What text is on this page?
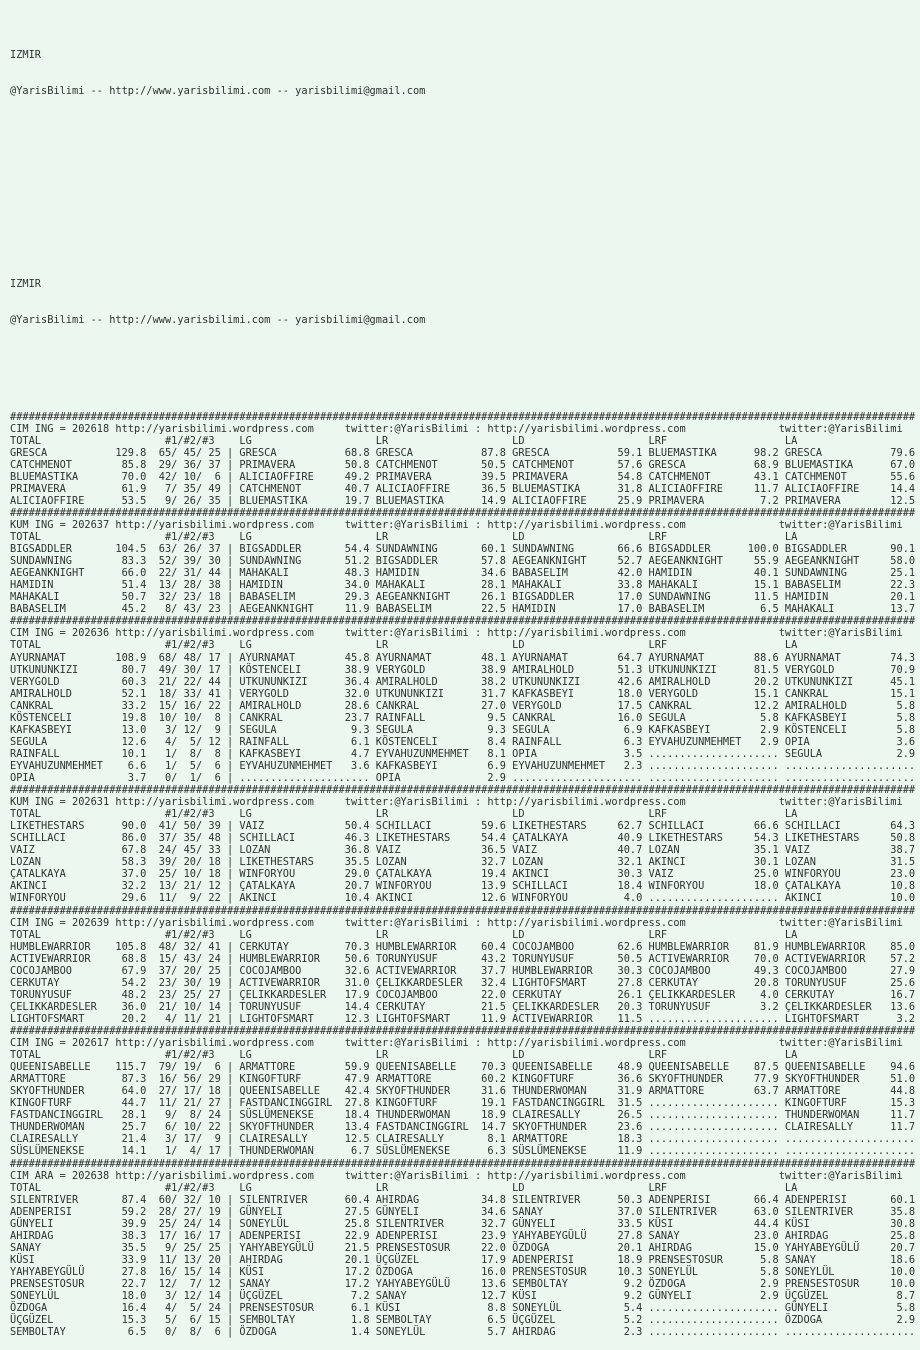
IZMIR

@YarisBilimi -- http://www.yarisbilimi.com -- yarisbilimi@gmail.com

IZMIR

@YarisBilimi -- http://www.yarisbilimi.com -- yarisbilimi@gmail.com

##################################################################################################################################################
CIM ING = 202618 http://yarisbilimi.wordpress.com     twitter:@YarisBilimi : http://yarisbilimi.wordpress.com               twitter:@YarisBilimi
TOTAL                    #1/#2/#3    LG                    LR                    LD                    LRF                   LA
GRESCA           129.8  65/ 45/ 25 | GRESCA           68.8 GRESCA           87.8 GRESCA           59.1 BLUEMASTIKA      98.2 GRESCA           79.6
CATCHMENOT        85.8  29/ 36/ 37 | PRIMAVERA        50.8 CATCHMENOT       50.5 CATCHMENOT       57.6 GRESCA           68.9 BLUEMASTIKA      67.0
BLUEMASTIKA       70.0  42/ 10/  6 | ALICIAOFFIRE     49.2 PRIMAVERA        39.5 PRIMAVERA        54.8 CATCHMENOT       43.1 CATCHMENOT       55.6
PRIMAVERA         61.9   7/ 35/ 49 | CATCHMENOT       40.7 ALICIAOFFIRE     36.5 BLUEMASTIKA      31.8 ALICIAOFFIRE     11.7 ALICIAOFFIRE     14.4
ALICIAOFFIRE      53.5   9/ 26/ 35 | BLUEMASTIKA      19.7 BLUEMASTIKA      14.9 ALICIAOFFIRE     25.9 PRIMAVERA         7.2 PRIMAVERA        12.5
##################################################################################################################################################
KUM ING = 202637 http://yarisbilimi.wordpress.com     twitter:@YarisBilimi : http://yarisbilimi.wordpress.com               twitter:@YarisBilimi
TOTAL                    #1/#2/#3    LG                    LR                    LD                    LRF                   LA
BIGSADDLER       104.5  63/ 26/ 37 | BIGSADDLER       54.4 SUNDAWNING       60.1 SUNDAWNING       66.6 BIGSADDLER      100.0 BIGSADDLER       90.1
SUNDAWNING        83.3  52/ 39/ 30 | SUNDAWNING       51.2 BIGSADDLER       57.8 AEGEANKNIGHT     52.7 AEGEANKNIGHT     55.9 AEGEANKNIGHT     58.0
AEGEANKNIGHT      66.0  22/ 31/ 44 | MAHAKALI         48.3 HAMIDIN          34.6 BABASELIM        42.0 HAMIDIN          40.1 SUNDAWNING       25.1
HAMIDIN           51.4  13/ 28/ 38 | HAMIDIN          34.0 MAHAKALI         28.1 MAHAKALI         33.8 MAHAKALI         15.1 BABASELIM        22.3
MAHAKALI          50.7  32/ 23/ 18 | BABASELIM        29.3 AEGEANKNIGHT     26.1 BIGSADDLER       17.0 SUNDAWNING       11.5 HAMIDIN          20.1
BABASELIM         45.2   8/ 43/ 23 | AEGEANKNIGHT     11.9 BABASELIM        22.5 HAMIDIN          17.0 BABASELIM         6.5 MAHAKALI         13.7
##################################################################################################################################################
CIM ING = 202636 http://yarisbilimi.wordpress.com     twitter:@YarisBilimi : http://yarisbilimi.wordpress.com               twitter:@YarisBilimi
TOTAL                    #1/#2/#3    LG                    LR                    LD                    LRF                   LA
AYURNAMAT        108.9  68/ 48/ 17 | AYURNAMAT        45.8 AYURNAMAT        48.1 AYURNAMAT        64.7 AYURNAMAT        88.6 AYURNAMAT        74.3
UTKUNUNKIZI       80.7  49/ 30/ 17 | KÖSTENCELI       38.9 VERYGOLD         38.9 AMIRALHOLD       51.3 UTKUNUNKIZI      81.5 VERYGOLD         70.9
VERYGOLD          60.3  21/ 22/ 44 | UTKUNUNKIZI      36.4 AMIRALHOLD       38.2 UTKUNUNKIZI      42.6 AMIRALHOLD       20.2 UTKUNUNKIZI      45.1
AMIRALHOLD        52.1  18/ 33/ 41 | VERYGOLD         32.0 UTKUNUNKIZI      31.7 KAFKASBEYI       18.0 VERYGOLD         15.1 CANKRAL          15.1
CANKRAL           33.2  15/ 16/ 22 | AMIRALHOLD       28.6 CANKRAL          27.0 VERYGOLD         17.5 CANKRAL          12.2 AMIRALHOLD        5.8
KÖSTENCELI        19.8  10/ 10/  8 | CANKRAL          23.7 RAINFALL          9.5 CANKRAL          16.0 SEGULA            5.8 KAFKASBEYI        5.8
KAFKASBEYI        13.0   3/ 12/  9 | SEGULA            9.3 SEGULA            9.3 SEGULA            6.9 KAFKASBEYI        2.9 KÖSTENCELI        5.8
SEGULA            12.6   4/  5/ 12 | RAINFALL          6.1 KÖSTENCELI        8.4 RAINFALL          6.3 EYVAHUZUNMEHMET   2.9 OPIA              3.6
RAINFALL          10.1   1/  8/  8 | KAFKASBEYI        4.7 EYVAHUZUNMEHMET   8.1 OPIA              3.5 ..................... SEGULA            2.9
EYVAHUZUNMEHMET    6.6   1/  5/  6 | EYVAHUZUNMEHMET   3.6 KAFKASBEYI        6.9 EYVAHUZUNMEHMET   2.3 ..................... .....................
OPIA               3.7   0/  1/  6 | ..................... OPIA              2.9 ..................... ..................... .....................
##################################################################################################################################################
KUM ING = 202631 http://yarisbilimi.wordpress.com     twitter:@YarisBilimi : http://yarisbilimi.wordpress.com               twitter:@YarisBilimi
TOTAL                    #1/#2/#3    LG                    LR                    LD                    LRF                   LA
LIKETHESTARS      90.0  41/ 50/ 39 | VAIZ             50.4 SCHILLACI        59.6 LIKETHESTARS     62.7 SCHILLACI        66.6 SCHILLACI        64.3
SCHILLACI         86.0  37/ 35/ 48 | SCHILLACI        46.3 LIKETHESTARS     54.4 ÇATALKAYA        40.9 LIKETHESTARS     54.3 LIKETHESTARS     50.8
VAIZ              67.8  24/ 45/ 33 | LOZAN            36.8 VAIZ             36.5 VAIZ             40.7 LOZAN            35.1 VAIZ             38.7
LOZAN             58.3  39/ 20/ 18 | LIKETHESTARS     35.5 LOZAN            32.7 LOZAN            32.1 AKINCI           30.1 LOZAN            31.5
ÇATALKAYA         37.0  25/ 10/ 18 | WINFORYOU        29.0 ÇATALKAYA        19.4 AKINCI           30.3 VAIZ             25.0 WINFORYOU        23.0
AKINCI            32.2  13/ 21/ 12 | ÇATALKAYA        20.7 WINFORYOU        13.9 SCHILLACI        18.4 WINFORYOU        18.0 ÇATALKAYA        10.8
WINFORYOU         29.6  11/  9/ 22 | AKINCI           10.4 AKINCI           12.6 WINFORYOU         4.0 ..................... AKINCI           10.0
##################################################################################################################################################
CIM ING = 202639 http://yarisbilimi.wordpress.com     twitter:@YarisBilimi : http://yarisbilimi.wordpress.com               twitter:@YarisBilimi
TOTAL                    #1/#2/#3    LG                    LR                    LD                    LRF                   LA
HUMBLEWARRIOR    105.8  48/ 32/ 41 | CERKUTAY         70.3 HUMBLEWARRIOR    60.4 COCOJAMBOO       62.6 HUMBLEWARRIOR    81.9 HUMBLEWARRIOR    85.0
ACTIVEWARRIOR     68.8  15/ 43/ 24 | HUMBLEWARRIOR    50.6 TORUNYUSUF       43.2 TORUNYUSUF       50.5 ACTIVEWARRIOR    70.0 ACTIVEWARRIOR    57.2
COCOJAMBOO        67.9  37/ 20/ 25 | COCOJAMBOO       32.6 ACTIVEWARRIOR    37.7 HUMBLEWARRIOR    30.3 COCOJAMBOO       49.3 COCOJAMBOO       27.9
CERKUTAY          54.2  23/ 30/ 19 | ACTIVEWARRIOR    31.0 ÇELIKKARDESLER   32.4 LIGHTOFSMART     27.8 CERKUTAY         20.8 TORUNYUSUF       25.6
TORUNYUSUF        48.2  23/ 25/ 27 | ÇELIKKARDESLER   17.9 COCOJAMBOO       22.0 CERKUTAY         26.1 ÇELIKKARDESLER    4.0 CERKUTAY         16.7
ÇELIKKARDESLER    36.0  21/ 10/ 14 | TORUNYUSUF       14.4 CERKUTAY         21.5 ÇELIKKARDESLER   20.3 TORUNYUSUF        3.2 ÇELIKKARDESLER   13.6
LIGHTOFSMART      20.2   4/ 11/ 21 | LIGHTOFSMART     12.3 LIGHTOFSMART     11.9 ACTIVEWARRIOR    11.5 ..................... LIGHTOFSMART      3.2
##################################################################################################################################################
CIM ING = 202617 http://yarisbilimi.wordpress.com     twitter:@YarisBilimi : http://yarisbilimi.wordpress.com               twitter:@YarisBilimi
TOTAL                    #1/#2/#3    LG                    LR                    LD                    LRF                   LA
QUEENISABELLE    115.7  79/ 19/  6 | ARMATTORE        59.9 QUEENISABELLE    70.3 QUEENISABELLE    48.9 QUEENISABELLE    87.5 QUEENISABELLE    94.6
ARMATTORE         87.3  16/ 56/ 29 | KINGOFTURF       47.9 ARMATTORE        60.2 KINGOFTURF       36.6 SKYOFTHUNDER     77.9 SKYOFTHUNDER     51.0
SKYOFTHUNDER      64.0  27/ 17/ 18 | QUEENISABELLE    42.4 SKYOFTHUNDER     31.6 THUNDERWOMAN     31.9 ARMATTORE        63.7 ARMATTORE        44.8
KINGOFTURF        44.7  11/ 21/ 27 | FASTDANCINGGIRL  27.8 KINGOFTURF       19.1 FASTDANCINGGIRL  31.5 ..................... KINGOFTURF       15.3
FASTDANCINGGIRL   28.1   9/  8/ 24 | SÜSLÜMENEKSE     18.4 THUNDERWOMAN     18.9 CLAIRESALLY      26.5 ..................... THUNDERWOMAN     11.7
THUNDERWOMAN      25.7   6/ 10/ 22 | SKYOFTHUNDER     13.4 FASTDANCINGGIRL  14.7 SKYOFTHUNDER     23.6 ..................... CLAIRESALLY      11.7
CLAIRESALLY       21.4   3/ 17/  9 | CLAIRESALLY      12.5 CLAIRESALLY       8.1 ARMATTORE        18.3 ..................... .....................
SÜSLÜMENEKSE      14.1   1/  4/ 17 | THUNDERWOMAN      6.7 SÜSLÜMENEKSE      6.3 SÜSLÜMENEKSE     11.9 ..................... .....................
##################################################################################################################################################
CIM ARA = 202638 http://yarisbilimi.wordpress.com     twitter:@YarisBilimi : http://yarisbilimi.wordpress.com               twitter:@YarisBilimi
TOTAL                    #1/#2/#3    LG                    LR                    LD                    LRF                   LA
SILENTRIVER       87.4  60/ 32/ 10 | SILENTRIVER      60.4 AHIRDAG          34.8 SILENTRIVER      50.3 ADENPERISI       66.4 ADENPERISI       60.1
ADENPERISI        59.2  28/ 27/ 19 | GÜNYELI          27.5 GÜNYELI          34.6 SANAY            37.0 SILENTRIVER      63.0 SILENTRIVER      35.8
GÜNYELI           39.9  25/ 24/ 14 | SONEYLÜL         25.8 SILENTRIVER      32.7 GÜNYELI          33.5 KÜSI             44.4 KÜSI             30.8
AHIRDAG           38.3  17/ 16/ 17 | ADENPERISI       22.9 ADENPERISI       23.9 YAHYABEYGÜLÜ     27.8 SANAY            23.0 AHIRDAG          25.8
SANAY             35.5   9/ 25/ 25 | YAHYABEYGÜLÜ     21.5 PRENSESTOSUR     22.0 ÖZDOGA           20.1 AHIRDAG          15.0 YAHYABEYGÜLÜ     20.7
KÜSI              33.9  11/ 13/ 20 | AHIRDAG          20.1 ÜÇGÜZEL          17.9 ADENPERISI       18.9 PRENSESTOSUR      5.8 SANAY            18.6
YAHYABEYGÜLÜ      27.8  16/ 15/ 14 | KÜSI             17.2 ÖZDOGA           16.0 PRENSESTOSUR     10.3 SONEYLÜL          5.8 SONEYLÜL         10.0
PRENSESTOSUR      22.7  12/  7/ 12 | SANAY            17.2 YAHYABEYGÜLÜ     13.6 SEMBOLTAY         9.2 ÖZDOGA            2.9 PRENSESTOSUR     10.0
SONEYLÜL          18.0   3/ 12/ 14 | ÜÇGÜZEL           7.2 SANAY            12.7 KÜSI              9.2 GÜNYELI           2.9 ÜÇGÜZEL           8.7
ÖZDOGA            16.4   4/  5/ 24 | PRENSESTOSUR      6.1 KÜSI              8.8 SONEYLÜL          5.4 ..................... GÜNYELI           5.8
ÜÇGÜZEL           15.3   5/  6/ 15 | SEMBOLTAY         1.8 SEMBOLTAY         6.5 ÜÇGÜZEL           5.2 ..................... ÖZDOGA            2.9
SEMBOLTAY          6.5   0/  8/  6 | ÖZDOGA            1.4 SONEYLÜL          5.7 AHIRDAG           2.3 ..................... .....................
